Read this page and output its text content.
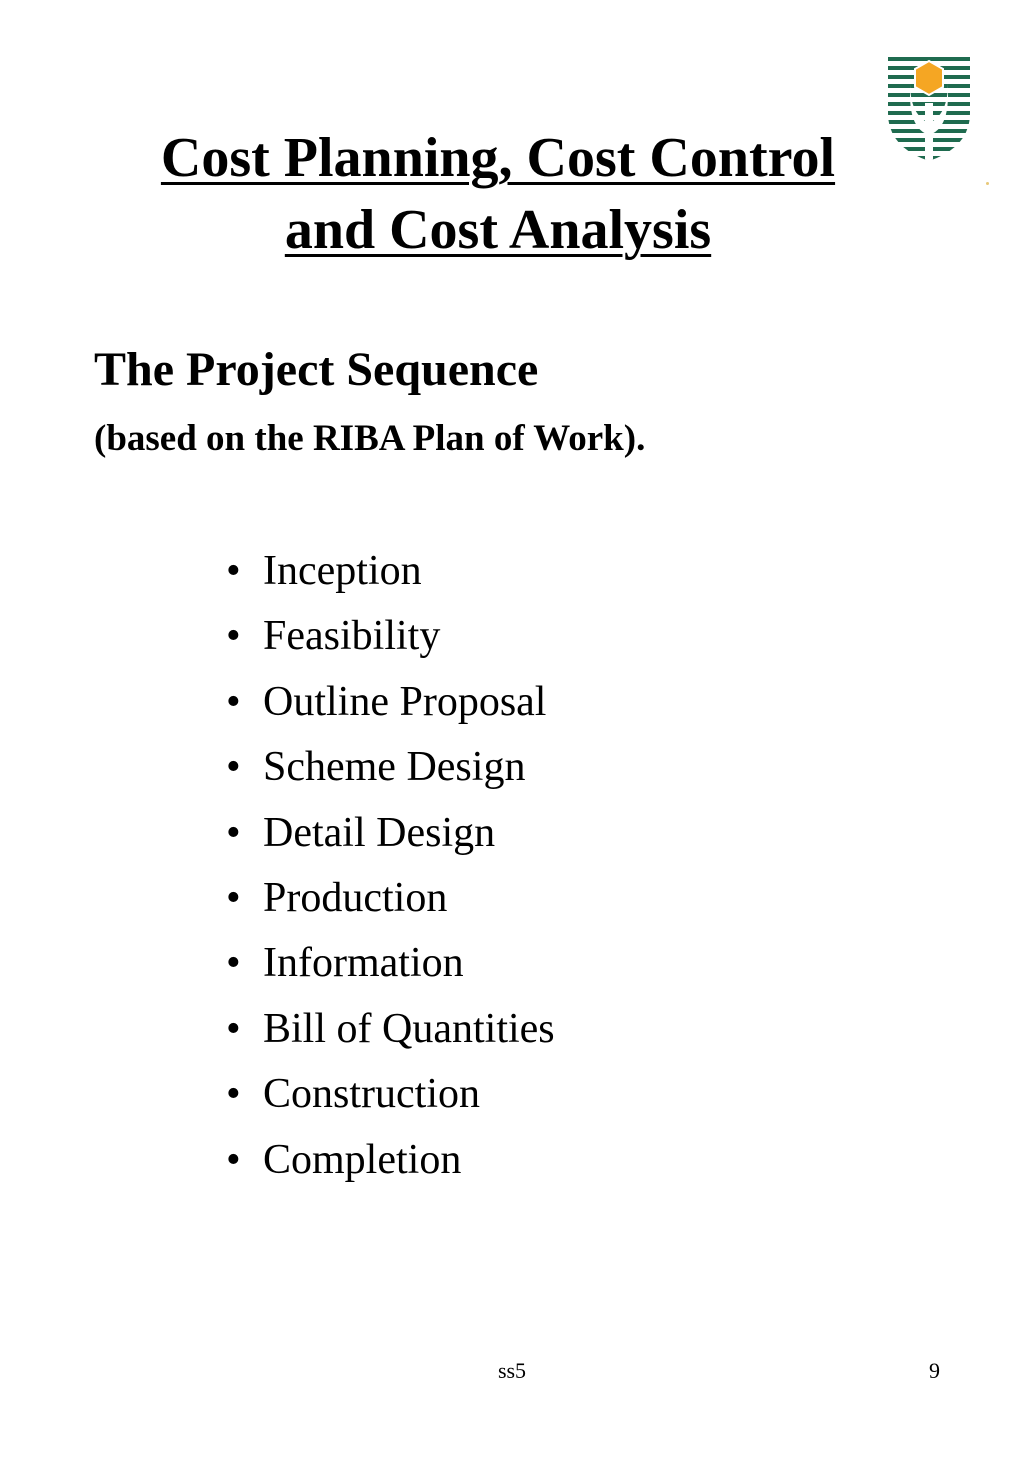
Cost Planning, Cost Control
and Cost Analysis
The Project Sequence

(based on the RIBA Plan of Work).

• Inception
• Feasibility
• Outline Proposal
• Scheme Design
• Detail Design
• Production
• Information
• Bill of Quantities
• Construction
• Completion
ss5	9
